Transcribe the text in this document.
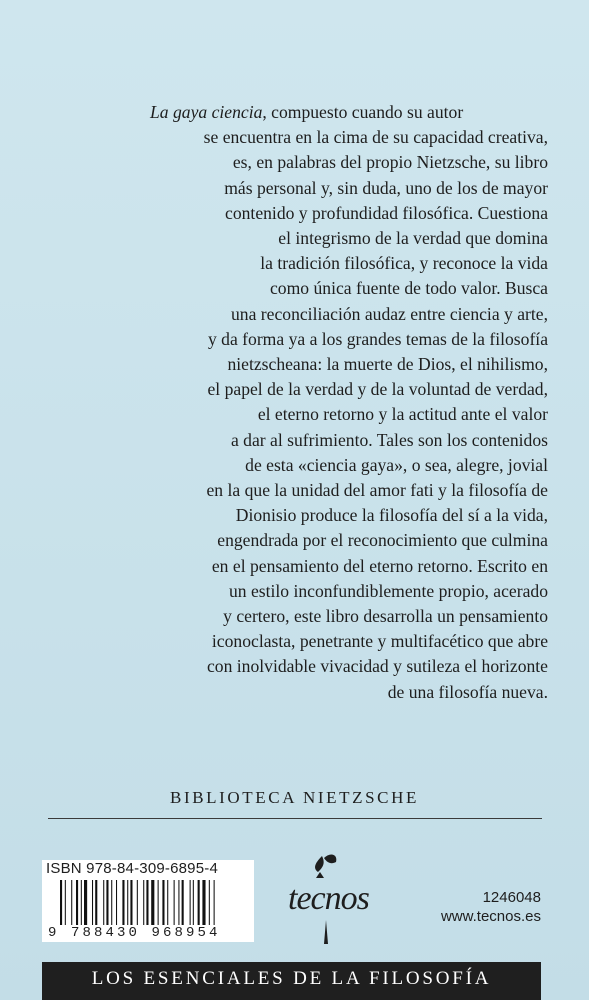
La gaya ciencia, compuesto cuando su autor
se encuentra en la cima de su capacidad creativa,
es, en palabras del propio Nietzsche, su libro
más personal y, sin duda, uno de los de mayor
contenido y profundidad filosófica. Cuestiona
el integrismo de la verdad que domina
la tradición filosófica, y reconoce la vida
como única fuente de todo valor. Busca
una reconciliación audaz entre ciencia y arte,
y da forma ya a los grandes temas de la filosofía
nietzscheana: la muerte de Dios, el nihilismo,
el papel de la verdad y de la voluntad de verdad,
el eterno retorno y la actitud ante el valor
a dar al sufrimiento. Tales son los contenidos
de esta «ciencia gaya», o sea, alegre, jovial
en la que la unidad del amor fati y la filosofía de
Dionisio produce la filosofía del sí a la vida,
engendrada por el reconocimiento que culmina
en el pensamiento del eterno retorno. Escrito en
un estilo inconfundiblemente propio, acerado
y certero, este libro desarrolla un pensamiento
iconoclasta, penetrante y multifacético que abre
con inolvidable vivacidad y sutileza el horizonte
de una filosofía nueva.
BIBLIOTECA NIETZSCHE
ISBN 978-84-309-6895-4
9 788430 968954
tecnos	1246048
www.tecnos.es
LOS ESENCIALES DE LA FILOSOFÍA
